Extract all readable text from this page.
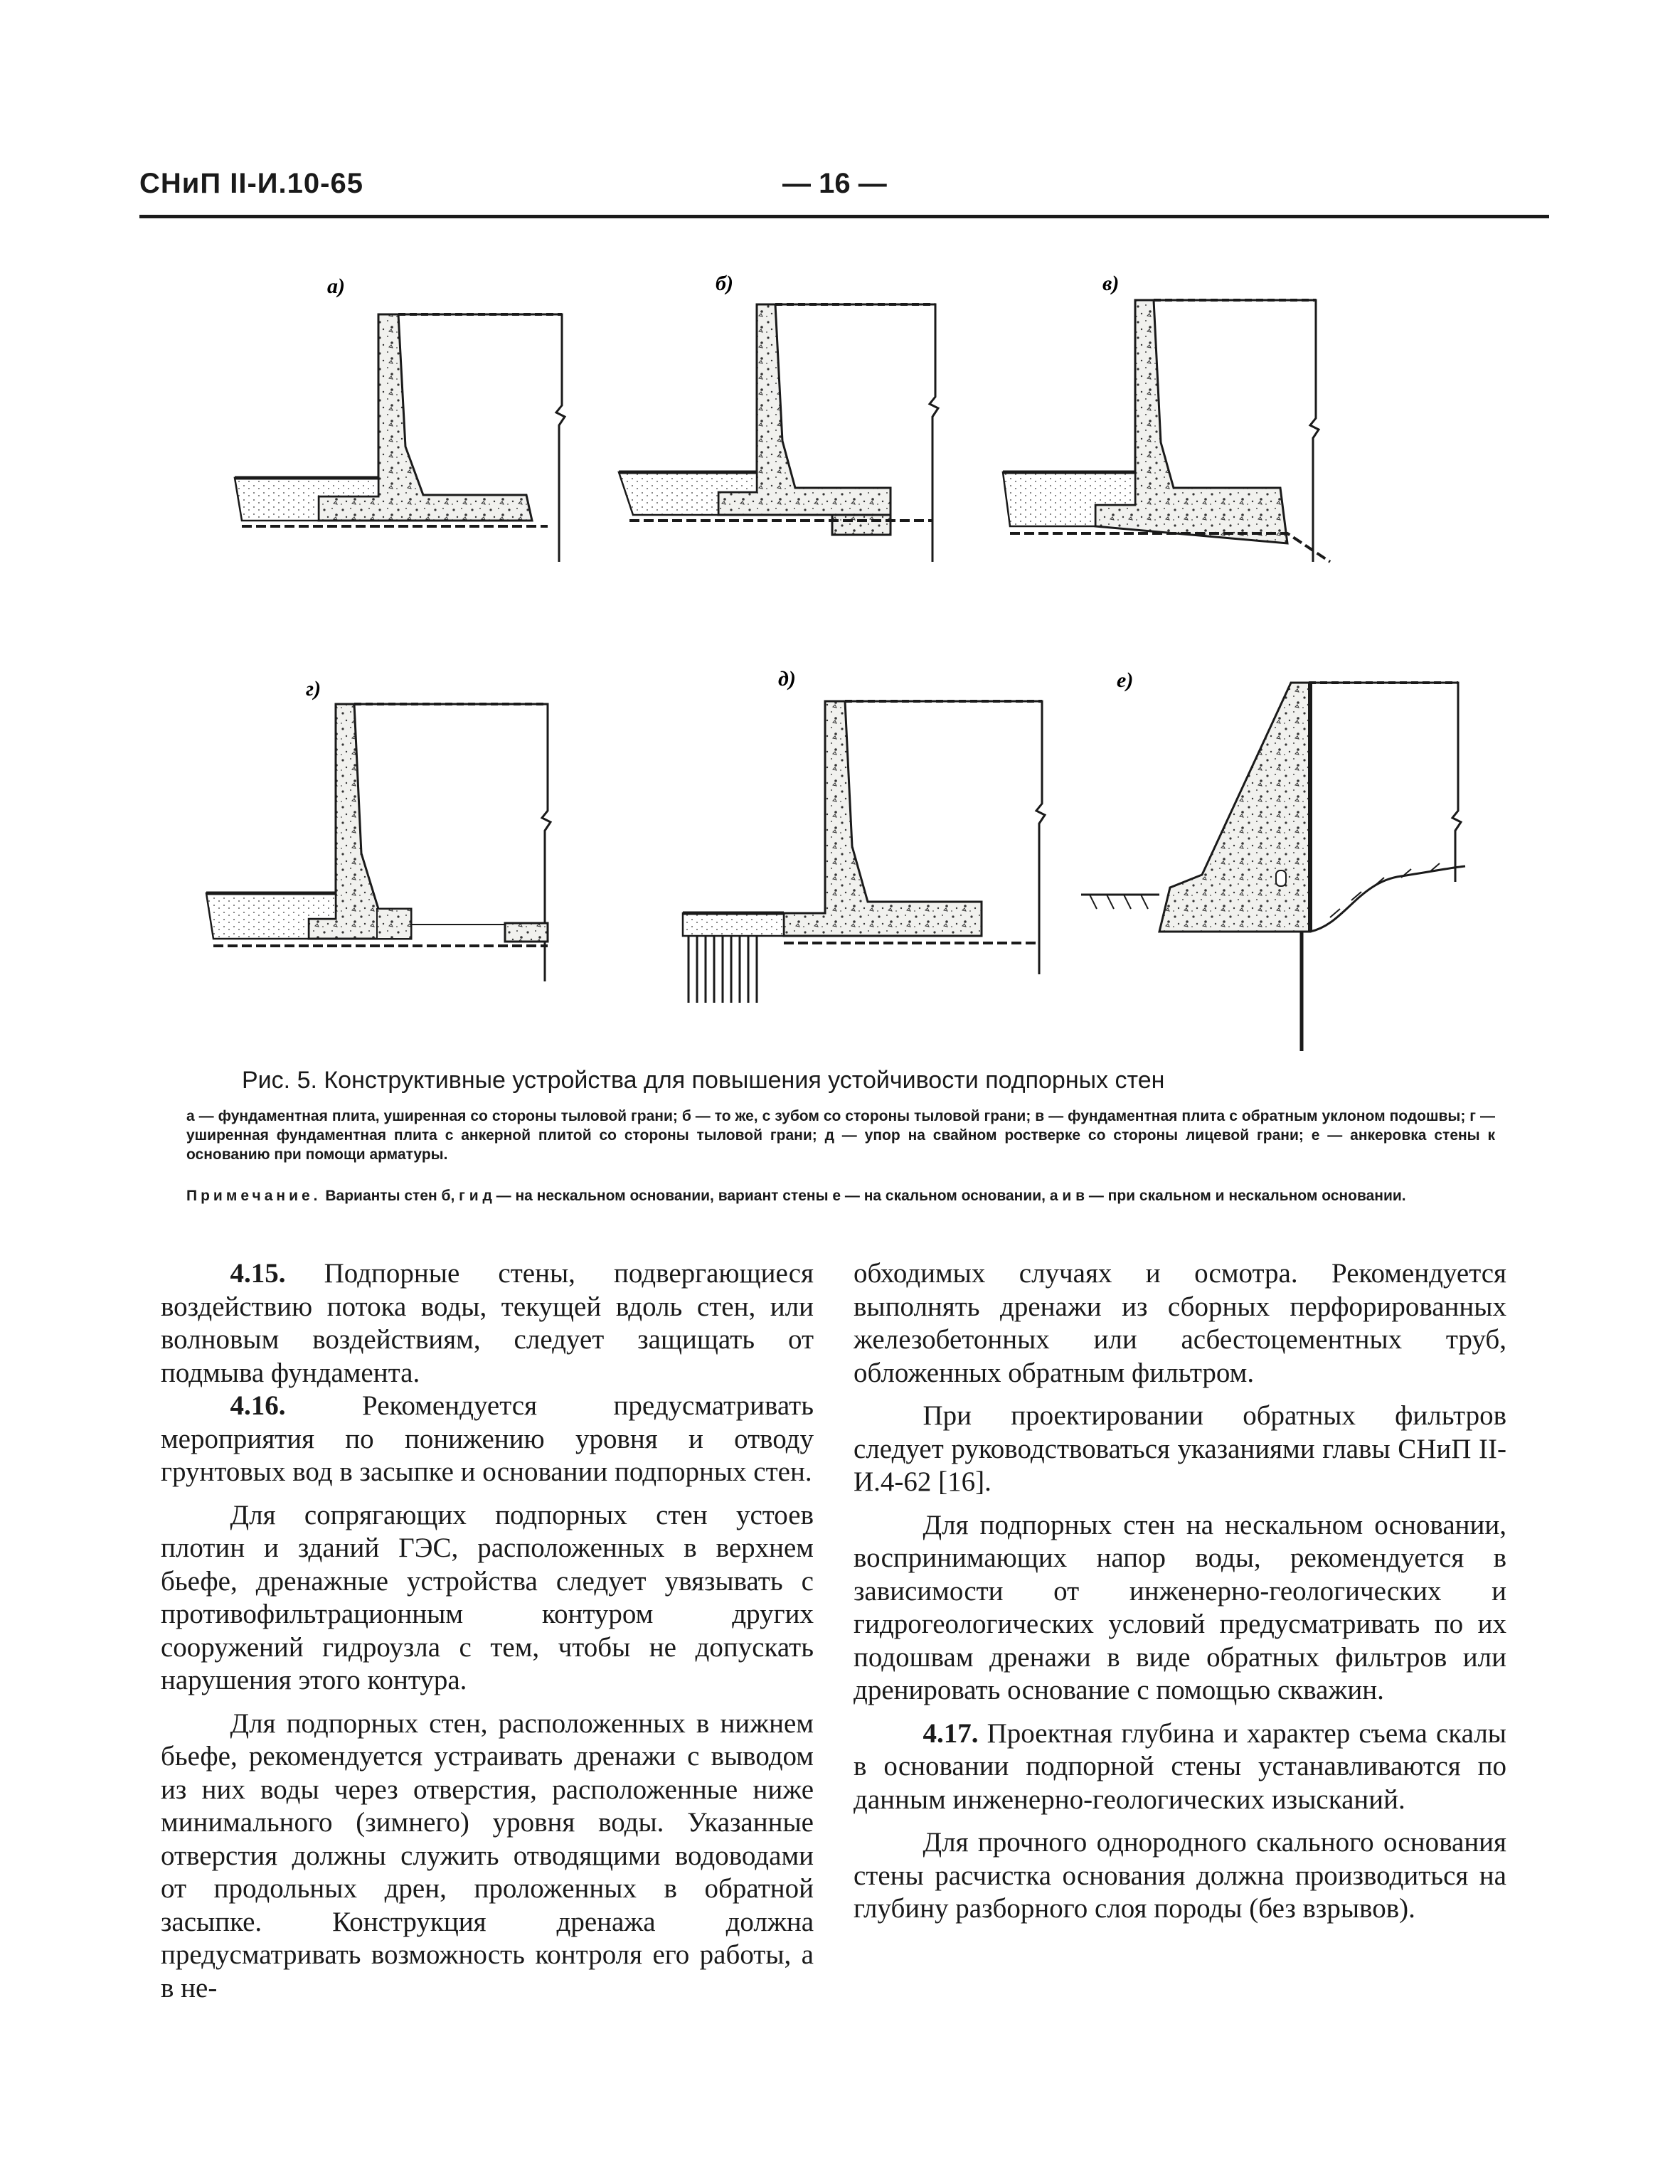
СНиП II-И.10-65	— 16 —
а)	б)	в)
г)	д)	е)
Рис. 5. Конструктивные устройства для повышения устойчивости подпорных стен

а — фундаментная плита, уширенная со стороны тыловой грани; б — то же, с зубом со стороны тыловой грани; в — фундаментная плита с обратным уклоном подошвы; г — уширенная фундаментная плита с анкерной плитой со стороны тыловой грани; д — упор на свайном ростверке со стороны лицевой грани; е — анкеровка стены к основанию при помощи арматуры.

Примечание. Варианты стен б, г и д — на нескальном основании, вариант стены е — на скальном основании, а и в — при скальном и нескальном основании.

4.15. Подпорные стены, подвергающиеся воздействию потока воды, текущей вдоль стен, или волновым воздействиям, следует защищать от подмыва фундамента.

4.16.	Рекомендуется предусматривать мероприятия по понижению уровня и отводу грунтовых вод в засыпке и основании подпорных стен.

Для сопрягающих подпорных стен устоев плотин и зданий ГЭС, расположенных в верхнем бьефе, дренажные устройства следует увязывать с противофильтрационным контуром других сооружений гидроузла с тем, чтобы не допускать нарушения этого контура.

Для подпорных стен, расположенных в нижнем бьефе, рекомендуется устраивать дренажи с выводом из них воды через отверстия, расположенные ниже минимального (зимнего) уровня воды. Указанные отверстия должны служить отводящими водоводами от продольных дрен, проложенных в обратной засыпке. Конструкция дренажа должна предусматривать возможность контроля его работы, а в не-

обходимых случаях и осмотра. Рекомендуется выполнять дренажи из сборных перфорированных железобетонных или асбестоцементных труб, обложенных обратным фильтром.

При проектировании обратных фильтров следует руководствоваться указаниями главы СНиП II-И.4-62 [16].

Для подпорных стен на нескальном основании, воспринимающих напор воды, рекомендуется в зависимости от инженерно-геологических и гидрогеологических условий предусматривать по их подошвам дренажи в виде обратных фильтров или дренировать основание с помощью скважин.

4.17. Проектная глубина и характер съема скалы в основании подпорной стены устанавливаются по данным инженерно-геологических изысканий.

Для прочного однородного скального основания стены расчистка основания должна производиться на глубину разборного слоя породы (без взрывов).
